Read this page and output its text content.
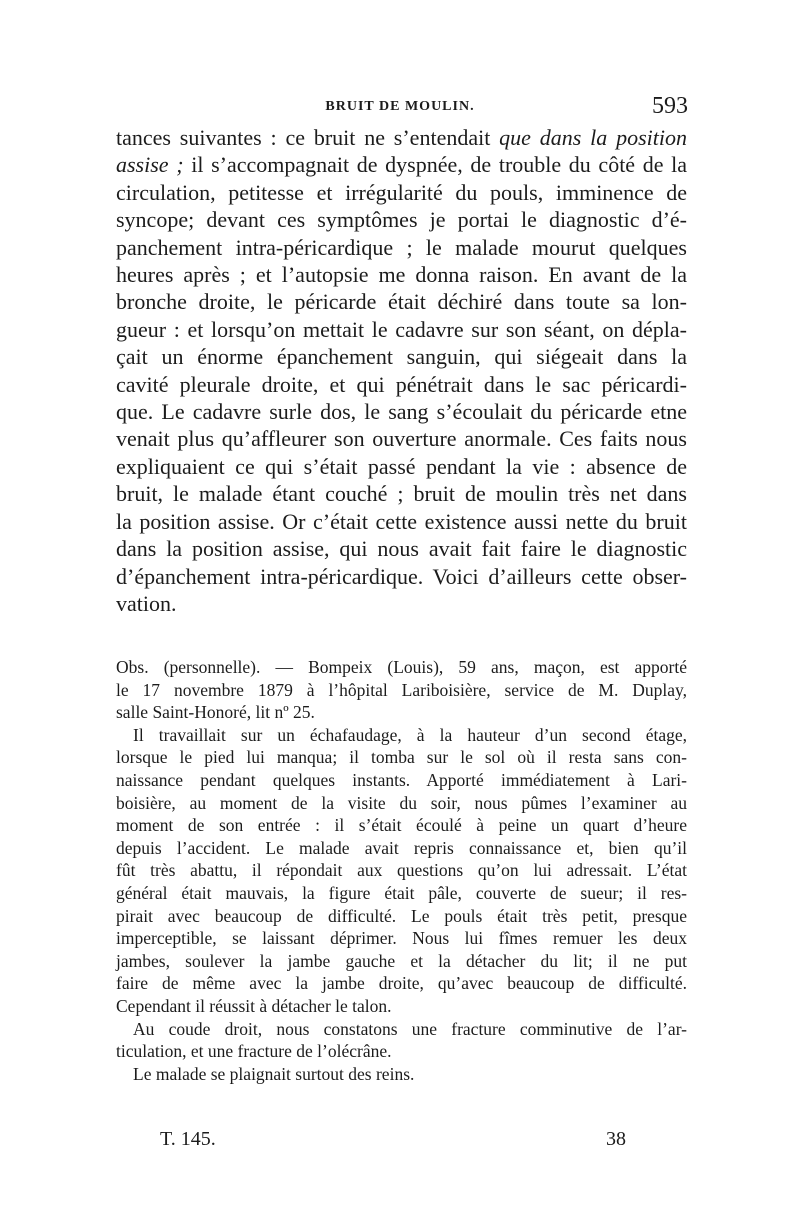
BRUIT DE MOULIN.	593
tances suivantes : ce bruit ne s’entendait que dans la position
assise ; il s’accompagnait de dyspnée, de trouble du côté de la
circulation, petitesse et irrégularité du pouls, imminence de
syncope; devant ces symptômes je portai le diagnostic d’é-
panchement intra-péricardique ; le malade mourut quelques
heures après ; et l’autopsie me donna raison. En avant de la
bronche droite, le péricarde était déchiré dans toute sa lon-
gueur : et lorsqu’on mettait le cadavre sur son séant, on dépla-
çait un énorme épanchement sanguin, qui siégeait dans la
cavité pleurale droite, et qui pénétrait dans le sac péricardi-
que. Le cadavre surle dos, le sang s’écoulait du péricarde etne
venait plus qu’affleurer son ouverture anormale. Ces faits nous
expliquaient ce qui s’était passé pendant la vie : absence de
bruit, le malade étant couché ; bruit de moulin très net dans
la position assise. Or c’était cette existence aussi nette du bruit
dans la position assise, qui nous avait fait faire le diagnostic
d’épanchement intra-péricardique. Voici d’ailleurs cette obser-
vation.
Obs. (personnelle). — Bompeix (Louis), 59 ans, maçon, est apporté
le 17 novembre 1879 à l’hôpital Lariboisière, service de M. Duplay,
salle Saint-Honoré, lit nº 25.
Il travaillait sur un échafaudage, à la hauteur d’un second étage,
lorsque le pied lui manqua; il tomba sur le sol où il resta sans con-
naissance pendant quelques instants. Apporté immédiatement à Lari-
boisière, au moment de la visite du soir, nous pûmes l’examiner au
moment de son entrée : il s’était écoulé à peine un quart d’heure
depuis l’accident. Le malade avait repris connaissance et, bien qu’il
fût très abattu, il répondait aux questions qu’on lui adressait. L’état
général était mauvais, la figure était pâle, couverte de sueur; il res-
pirait avec beaucoup de difficulté. Le pouls était très petit, presque
imperceptible, se laissant déprimer. Nous lui fîmes remuer les deux
jambes, soulever la jambe gauche et la détacher du lit; il ne put
faire de même avec la jambe droite, qu’avec beaucoup de difficulté.
Cependant il réussit à détacher le talon.
Au coude droit, nous constatons une fracture comminutive de l’ar-
ticulation, et une fracture de l’olécrâne.
Le malade se plaignait surtout des reins.
T. 145.	38
